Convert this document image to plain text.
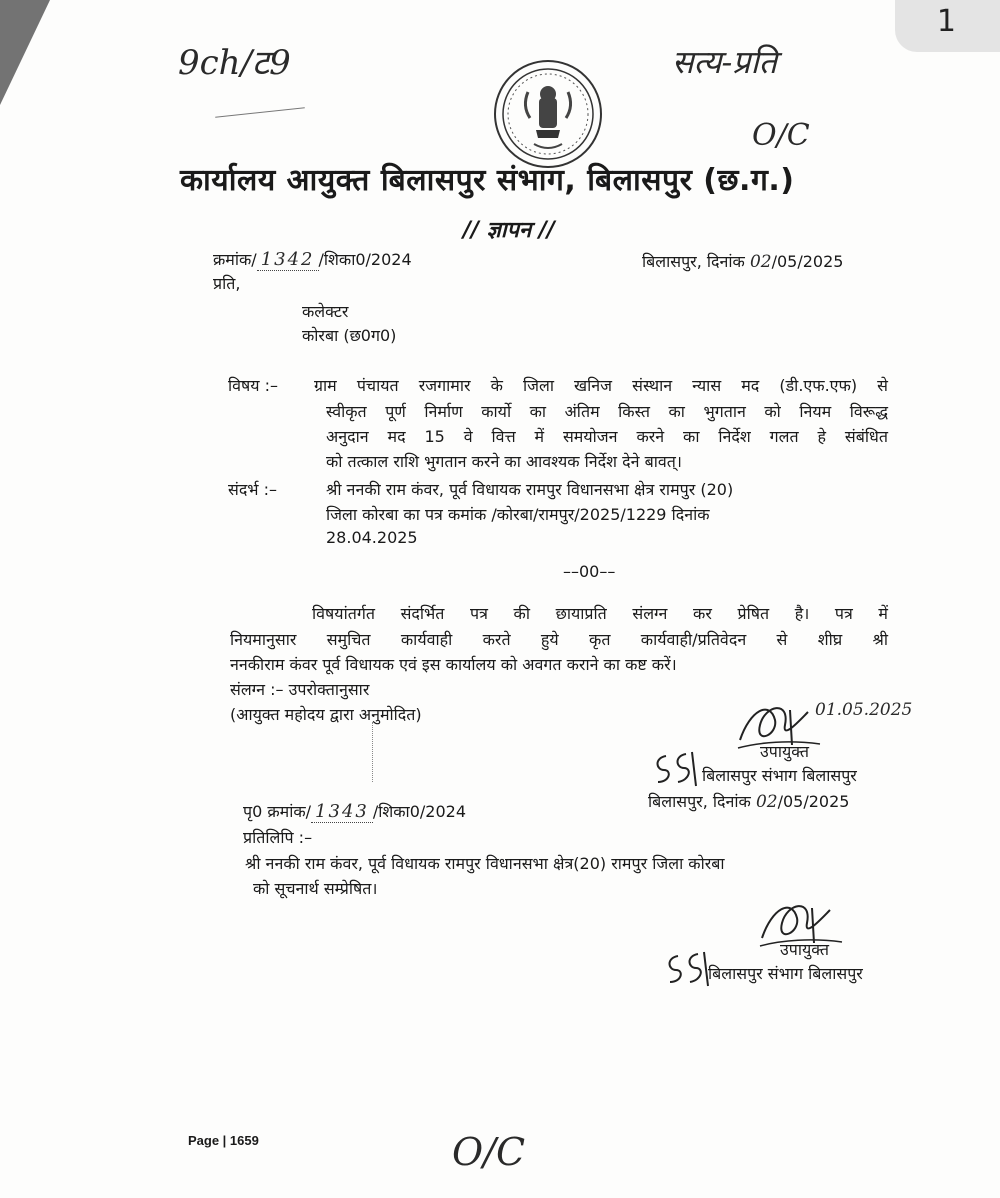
1
9ch/ट9	सत्य-प्रति
O/C
कार्यालय आयुक्त बिलासपुर संभाग, बिलासपुर (छ.ग.)
// ज्ञापन //
क्रमांक/ 1342 /शिका0/2024	बिलासपुर, दिनांक 02/05/2025
प्रति,
कलेक्टर
कोरबा (छ0ग0)
विषय :– ग्राम पंचायत रजगामार के जिला खनिज संस्थान न्यास मद (डी.एफ.एफ) से
स्वीकृत पूर्ण निर्माण कार्यो का अंतिम किस्त का भुगतान को नियम विरूद्ध
अनुदान मद 15 वे वित्त में समयोजन करने का निर्देश गलत हे संबंधित
को तत्काल राशि भुगतान करने का आवश्यक निर्देश देने बावत्।
संदर्भ :–	श्री ननकी राम कंवर, पूर्व विधायक रामपुर विधानसभा क्षेत्र रामपुर (20)
जिला कोरबा का पत्र कमांक /कोरबा/रामपुर/2025/1229 दिनांक
28.04.2025
––00––
विषयांतर्गत संदर्भित पत्र की छायाप्रति संलग्न कर प्रेषित है। पत्र में
नियमानुसार समुचित कार्यवाही करते हुये कृत कार्यवाही/प्रतिवेदन से शीघ्र श्री
ननकीराम कंवर पूर्व विधायक एवं इस कार्यालय को अवगत कराने का कष्ट करें।
संलग्न :– उपरोक्तानुसार
(आयुक्त महोदय द्वारा अनुमोदित)	01.05.2025
उपायुक्त
बिलासपुर संभाग बिलासपुर
पृ0 क्रमांक/ 1343 /शिका0/2024
बिलासपुर, दिनांक 02/05/2025
प्रतिलिपि :–
श्री ननकी राम कंवर, पूर्व विधायक रामपुर विधानसभा क्षेत्र(20) रामपुर जिला कोरबा
को सूचनार्थ सम्प्रेषित।
उपायुक्त
बिलासपुर संभाग बिलासपुर
Page | 1659	O/C
